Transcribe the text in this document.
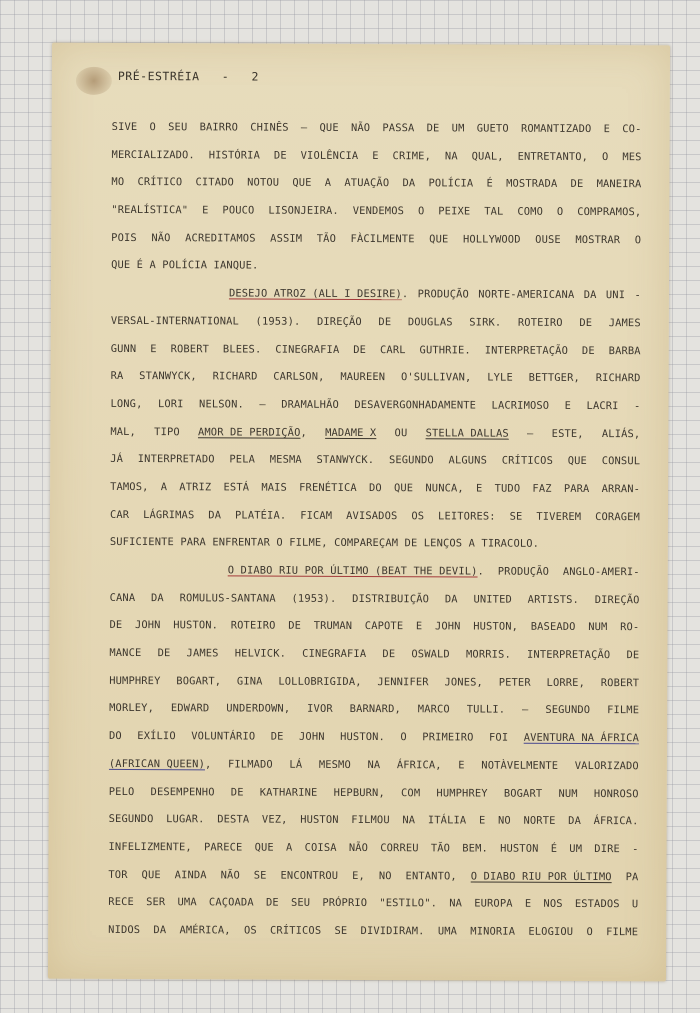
PRÉ-ESTRÉIA   -   2
SIVE O SEU BAIRRO CHINÊS — QUE NÃO PASSA DE UM GUETO ROMANTIZADO E CO-
MERCIALIZADO. HISTÓRIA DE VIOLÊNCIA E CRIME, NA QUAL, ENTRETANTO, O MES
MO CRÍTICO CITADO NOTOU QUE A ATUAÇÃO DA POLÍCIA É MOSTRADA DE MANEIRA
"REALÍSTICA" E POUCO LISONJEIRA. VENDEMOS O PEIXE TAL COMO O COMPRAMOS,
POIS NÃO ACREDITAMOS ASSIM TÃO FÀCILMENTE QUE HOLLYWOOD OUSE MOSTRAR O
QUE
É
A
POLÍCIA
IANQUE.

DESEJO ATROZ (ALL I DESIRE). PRODUÇÃO NORTE-AMERICANA DA UNI -
VERSAL-INTERNATIONAL (1953). DIREÇÃO DE DOUGLAS SIRK. ROTEIRO DE JAMES
GUNN E ROBERT BLEES. CINEGRAFIA DE CARL GUTHRIE. INTERPRETAÇÃO DE BARBA
RA STANWYCK, RICHARD CARLSON, MAUREEN O'SULLIVAN, LYLE BETTGER, RICHARD
LONG, LORI NELSON. — DRAMALHÃO DESAVERGONHADAMENTE LACRIMOSO E LACRI -
MAL, TIPO AMOR DE PERDIÇÃO, MADAME X OU STELLA DALLAS — ESTE, ALIÁS,
JÁ INTERPRETADO PELA MESMA STANWYCK. SEGUNDO ALGUNS CRÍTICOS QUE CONSUL
TAMOS, A ATRIZ ESTÁ MAIS FRENÉTICA DO QUE NUNCA, E TUDO FAZ PARA ARRAN-
CAR LÁGRIMAS DA PLATÉIA. FICAM AVISADOS OS LEITORES: SE TIVEREM CORAGEM
SUFICIENTE
PARA
ENFRENTAR
O
FILME,
COMPAREÇAM
DE
LENÇOS
A
TIRACOLO.

O DIABO RIU POR ÚLTIMO (BEAT THE DEVIL). PRODUÇÃO ANGLO-AMERI-
CANA DA ROMULUS-SANTANA (1953). DISTRIBUIÇÃO DA UNITED ARTISTS. DIREÇÃO
DE JOHN HUSTON. ROTEIRO DE TRUMAN CAPOTE E JOHN HUSTON, BASEADO NUM RO-
MANCE DE JAMES HELVICK. CINEGRAFIA DE OSWALD MORRIS. INTERPRETAÇÃO DE
HUMPHREY BOGART, GINA LOLLOBRIGIDA, JENNIFER JONES, PETER LORRE, ROBERT
MORLEY, EDWARD UNDERDOWN, IVOR BARNARD, MARCO TULLI. — SEGUNDO FILME
DO EXÍLIO VOLUNTÁRIO DE JOHN HUSTON. O PRIMEIRO FOI AVENTURA NA ÁFRICA
(AFRICAN QUEEN), FILMADO LÁ MESMO NA ÁFRICA, E NOTÀVELMENTE VALORIZADO
PELO DESEMPENHO DE KATHARINE HEPBURN, COM HUMPHREY BOGART NUM HONROSO
SEGUNDO LUGAR. DESTA VEZ, HUSTON FILMOU NA ITÁLIA E NO NORTE DA ÁFRICA.
INFELIZMENTE, PARECE QUE A COISA NÃO CORREU TÃO BEM. HUSTON É UM DIRE -
TOR QUE AINDA NÃO SE ENCONTROU E, NO ENTANTO, O DIABO RIU POR ÚLTIMO PA
RECE SER UMA CAÇOADA DE SEU PRÓPRIO "ESTILO". NA EUROPA E NOS ESTADOS U
NIDOS DA AMÉRICA, OS CRÍTICOS SE DIVIDIRAM. UMA MINORIA ELOGIOU O FILME
